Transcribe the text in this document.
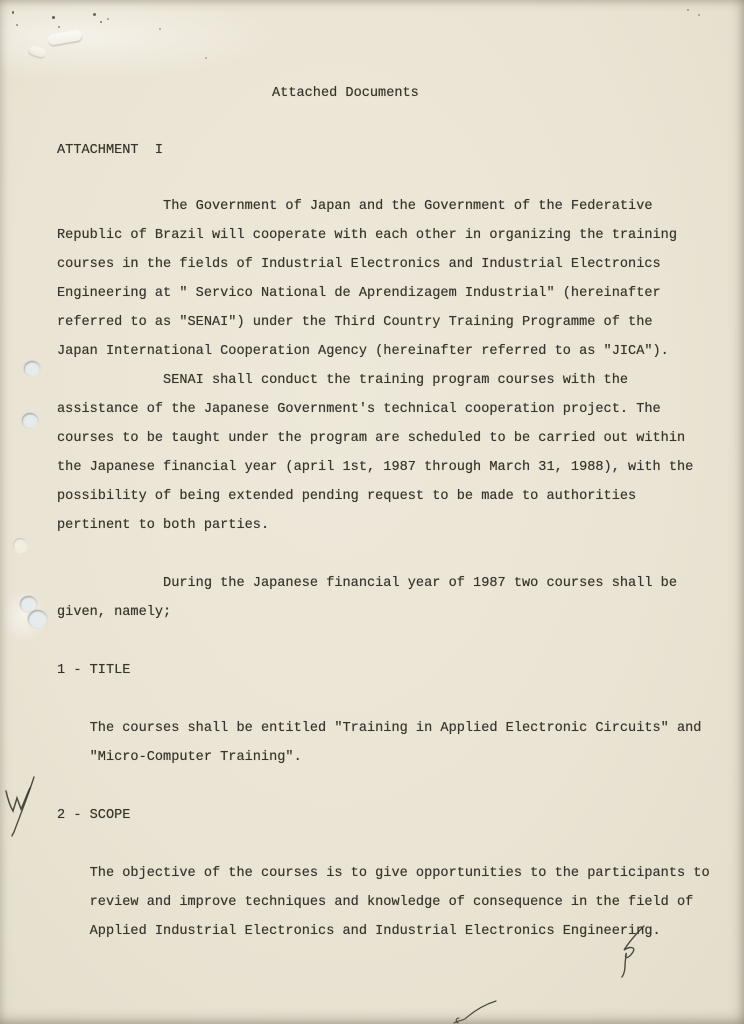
Attached Documents
ATTACHMENT  I
The Government of Japan and the Government of the Federative
Republic of Brazil will cooperate with each other in organizing the training
courses in the fields of Industrial Electronics and Industrial Electronics
Engineering at " Servico National de Aprendizagem Industrial" (hereinafter
referred to as "SENAI") under the Third Country Training Programme of the
Japan International Cooperation Agency (hereinafter referred to as "JICA").
SENAI shall conduct the training program courses with the
assistance of the Japanese Government's technical cooperation project. The
courses to be taught under the program are scheduled to be carried out within
the Japanese financial year (april 1st, 1987 through March 31, 1988), with the
possibility of being extended pending request to be made to authorities
pertinent to both parties.
During the Japanese financial year of 1987 two courses shall be
given, namely;
1 - TITLE
The courses shall be entitled "Training in Applied Electronic Circuits" and
"Micro-Computer Training".
2 - SCOPE
The objective of the courses is to give opportunities to the participants to
review and improve techniques and knowledge of consequence in the field of
Applied Industrial Electronics and Industrial Electronics Engineering.
